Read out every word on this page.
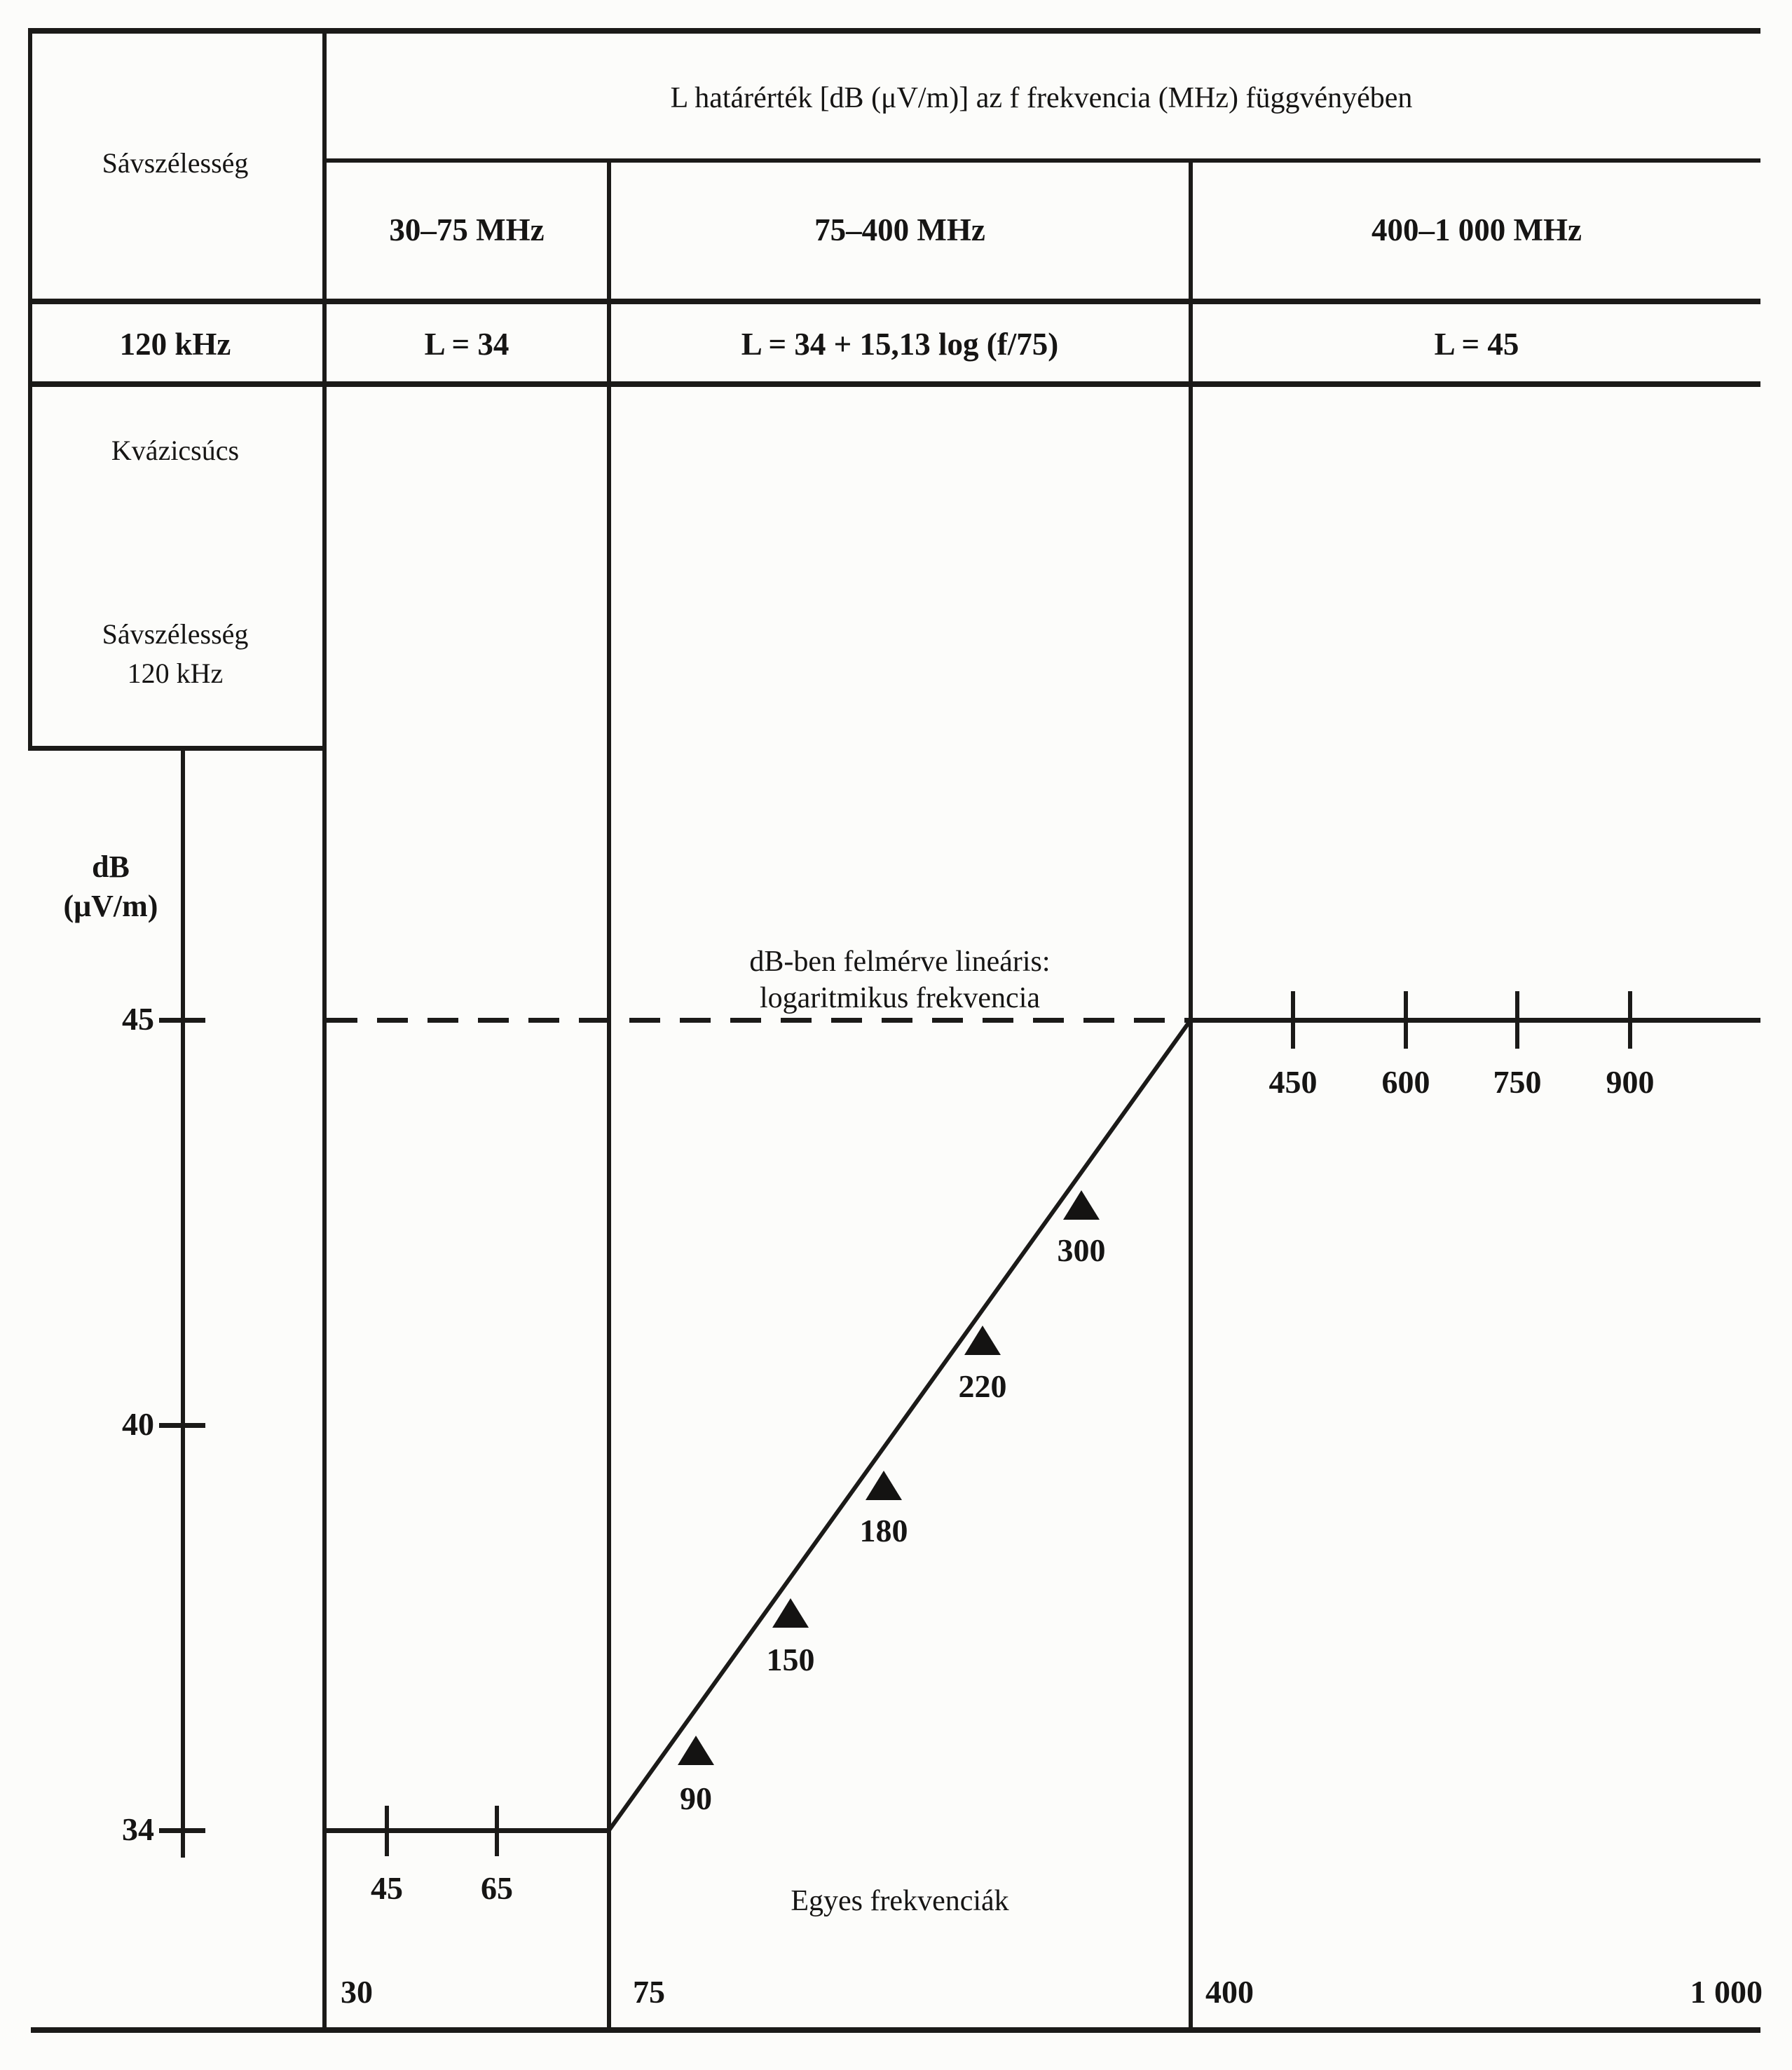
L határérték [dB (μV/m)] az f frekvencia (MHz) függvényében
Sávszélesség
30–75 MHz	75–400 MHz	400–1 000 MHz
120 kHz	L = 34	L = 34 + 15,13 log (f/75)	L = 45
Kvázicsúcs
Sávszélesség
120 kHz
dB
(μV/m)
45
40
34
450	600	750	900
45	65
90
150
180
220
300
dB-ben felmérve lineáris:
logaritmikus frekvencia
Egyes frekvenciák
30	75	400	1 000
